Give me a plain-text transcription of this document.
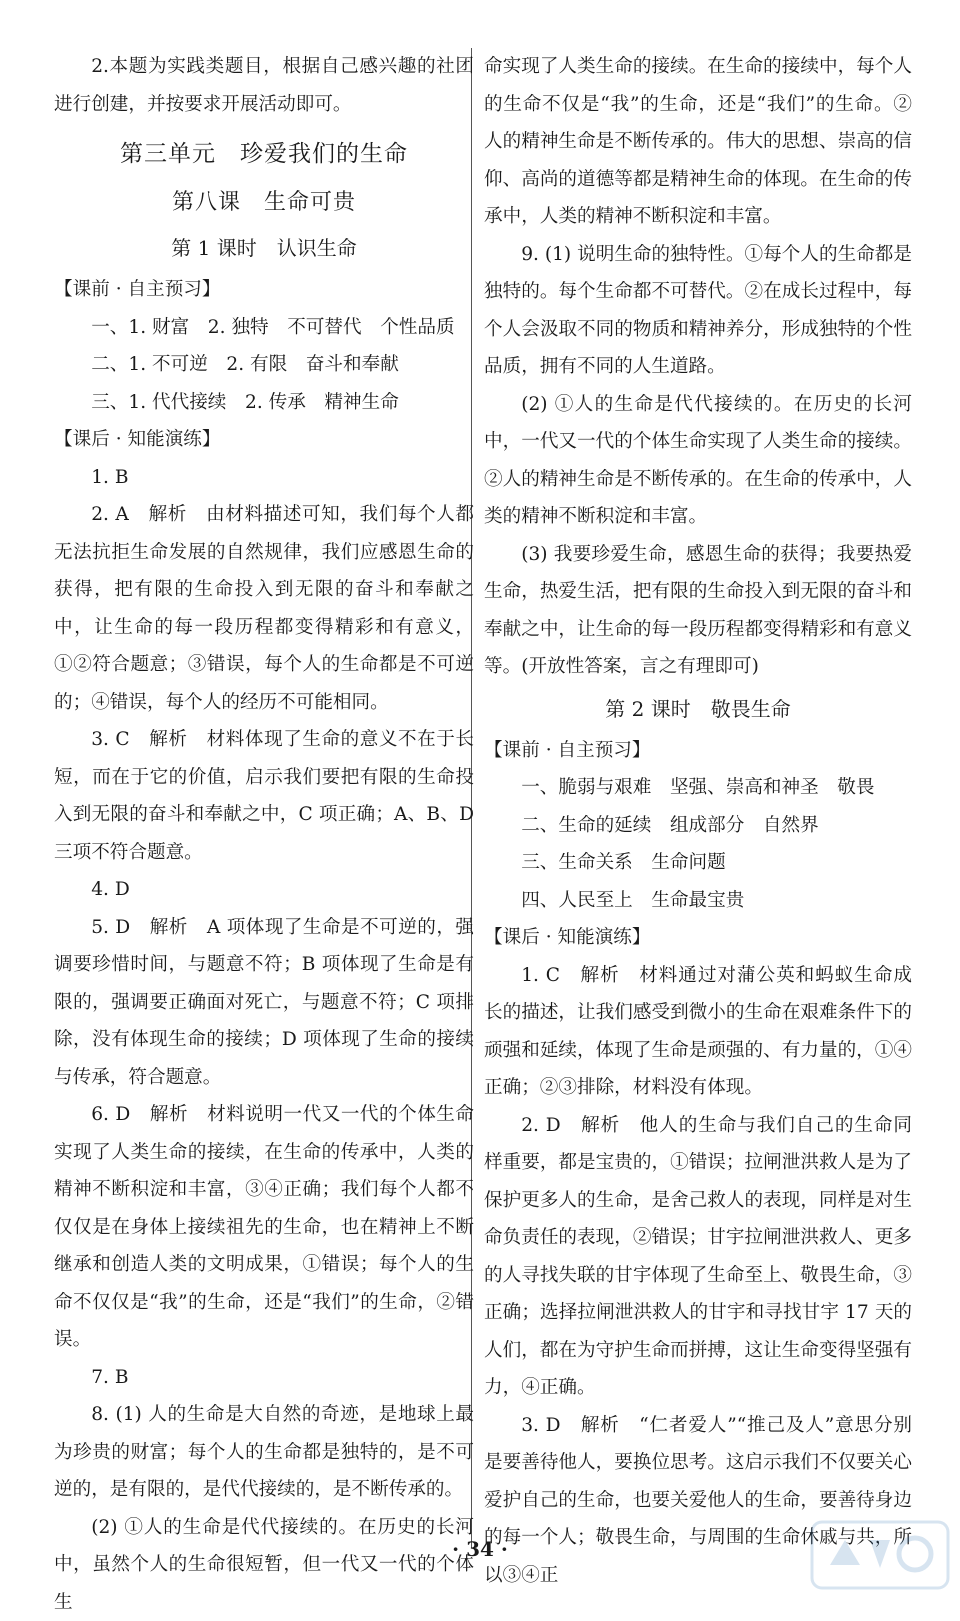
2.本题为实践类题目，根据自己感兴趣的社团进行创建，并按要求开展活动即可。

第三单元　珍爱我们的生命
第八课　生命可贵
第 1 课时　认识生命

【课前 · 自主预习】

一、1. 财富　2. 独特　不可替代　个性品质

二、1. 不可逆　2. 有限　奋斗和奉献

三、1. 代代接续　2. 传承　精神生命

【课后 · 知能演练】

1. B

2. A　解析　由材料描述可知，我们每个人都无法抗拒生命发展的自然规律，我们应感恩生命的获得，把有限的生命投入到无限的奋斗和奉献之中，让生命的每一段历程都变得精彩和有意义，①②符合题意；③错误，每个人的生命都是不可逆的；④错误，每个人的经历不可能相同。

3. C　解析　材料体现了生命的意义不在于长短，而在于它的价值，启示我们要把有限的生命投入到无限的奋斗和奉献之中，C 项正确；A、B、D 三项不符合题意。

4. D

5. D　解析　A 项体现了生命是不可逆的，强调要珍惜时间，与题意不符；B 项体现了生命是有限的，强调要正确面对死亡，与题意不符；C 项排除，没有体现生命的接续；D 项体现了生命的接续与传承，符合题意。

6. D　解析　材料说明一代又一代的个体生命实现了人类生命的接续，在生命的传承中，人类的精神不断积淀和丰富，③④正确；我们每个人都不仅仅是在身体上接续祖先的生命，也在精神上不断继承和创造人类的文明成果，①错误；每个人的生命不仅仅是“我”的生命，还是“我们”的生命，②错误。

7. B

8. (1) 人的生命是大自然的奇迹，是地球上最为珍贵的财富；每个人的生命都是独特的，是不可逆的，是有限的，是代代接续的，是不断传承的。

(2) ①人的生命是代代接续的。在历史的长河中，虽然个人的生命很短暂，但一代又一代的个体生

命实现了人类生命的接续。在生命的接续中，每个人的生命不仅是“我”的生命，还是“我们”的生命。②人的精神生命是不断传承的。伟大的思想、崇高的信仰、高尚的道德等都是精神生命的体现。在生命的传承中，人类的精神不断积淀和丰富。

9. (1) 说明生命的独特性。①每个人的生命都是独特的。每个生命都不可替代。②在成长过程中，每个人会汲取不同的物质和精神养分，形成独特的个性品质，拥有不同的人生道路。

(2) ①人的生命是代代接续的。在历史的长河中，一代又一代的个体生命实现了人类生命的接续。②人的精神生命是不断传承的。在生命的传承中，人类的精神不断积淀和丰富。

(3) 我要珍爱生命，感恩生命的获得；我要热爱生命，热爱生活，把有限的生命投入到无限的奋斗和奉献之中，让生命的每一段历程都变得精彩和有意义等。(开放性答案，言之有理即可)

第 2 课时　敬畏生命

【课前 · 自主预习】

一、脆弱与艰难　坚强、崇高和神圣　敬畏

二、生命的延续　组成部分　自然界

三、生命关系　生命问题

四、人民至上　生命最宝贵

【课后 · 知能演练】

1. C　解析　材料通过对蒲公英和蚂蚁生命成长的描述，让我们感受到微小的生命在艰难条件下的顽强和延续，体现了生命是顽强的、有力量的，①④正确；②③排除，材料没有体现。

2. D　解析　他人的生命与我们自己的生命同样重要，都是宝贵的，①错误；拉闸泄洪救人是为了保护更多人的生命，是舍己救人的表现，同样是对生命负责任的表现，②错误；甘宇拉闸泄洪救人、更多的人寻找失联的甘宇体现了生命至上、敬畏生命，③正确；选择拉闸泄洪救人的甘宇和寻找甘宇 17 天的人们，都在为守护生命而拼搏，这让生命变得坚强有力，④正确。

3. D　解析　“仁者爱人”“推己及人”意思分别是要善待他人，要换位思考。这启示我们不仅要关心爱护自己的生命，也要关爱他人的生命，要善待身边的每一个人；敬畏生命，与周围的生命休戚与共，所以③④正

· 34 ·
